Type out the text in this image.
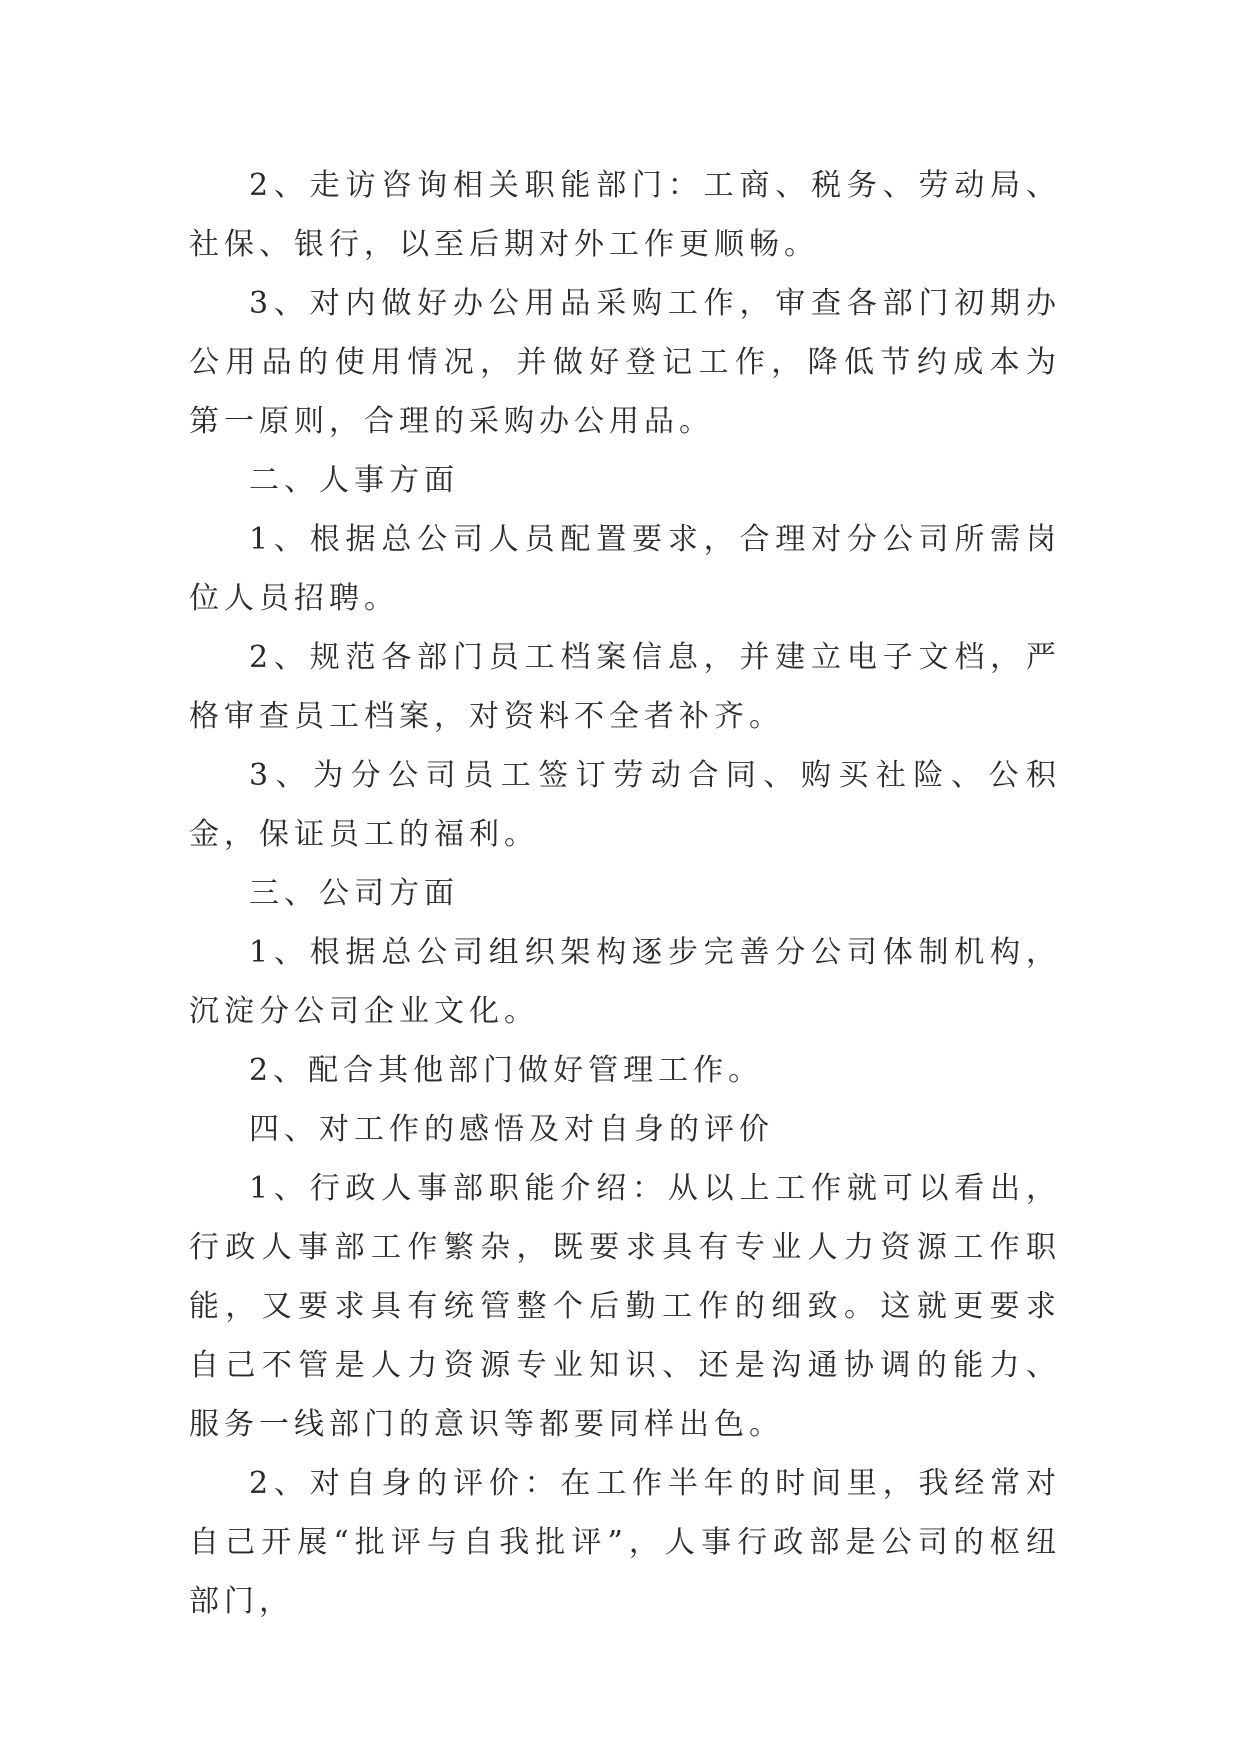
2、走访咨询相关职能部门：工商、税务、劳动局、社保、银行，以至后期对外工作更顺畅。

3、对内做好办公用品采购工作，审查各部门初期办公用品的使用情况，并做好登记工作，降低节约成本为第一原则，合理的采购办公用品。

二、人事方面

1、根据总公司人员配置要求，合理对分公司所需岗位人员招聘。

2、规范各部门员工档案信息，并建立电子文档，严格审查员工档案，对资料不全者补齐。

3、为分公司员工签订劳动合同、购买社险、公积金，保证员工的福利。

三、公司方面

1、根据总公司组织架构逐步完善分公司体制机构，沉淀分公司企业文化。

2、配合其他部门做好管理工作。

四、对工作的感悟及对自身的评价

1、行政人事部职能介绍：从以上工作就可以看出，行政人事部工作繁杂，既要求具有专业人力资源工作职能，又要求具有统管整个后勤工作的细致。这就更要求自己不管是人力资源专业知识、还是沟通协调的能力、服务一线部门的意识等都要同样出色。

2、对自身的评价：在工作半年的时间里，我经常对自己开展“批评与自我批评”，人事行政部是公司的枢纽部门，
